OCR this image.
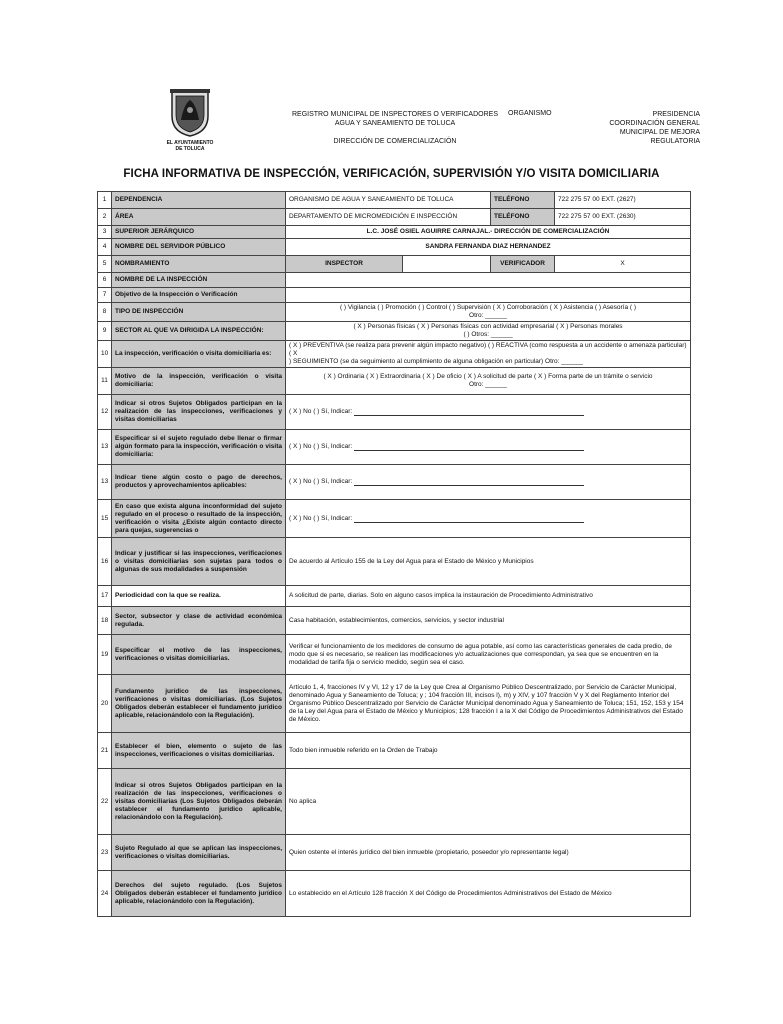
EL AYUNTAMIENTO
DE TOLUCA
REGISTRO MUNICIPAL DE INSPECTORES O VERIFICADORES
AGUA Y SANEAMIENTO DE TOLUCA
ORGANISMO
DIRECCIÓN DE COMERCIALIZACIÓN
PRESIDENCIA
COORDINACIÓN GENERAL
MUNICIPAL DE MEJORA
REGULATORIA
FICHA INFORMATIVA DE INSPECCIÓN, VERIFICACIÓN, SUPERVISIÓN Y/O VISITA DOMICILIARIA
1	DEPENDENCIA	ORGANISMO DE AGUA Y SANEAMIENTO DE TOLUCA		TELÉFONO	722 275 57 00 EXT. (2627)
2	ÁREA	DEPARTAMENTO DE MICROMEDICIÓN E INSPECCIÓN		TELÉFONO	722 275 57 00 EXT. (2630)
3	SUPERIOR JERÁRQUICO	L.C. JOSÉ OSIEL AGUIRRE CARNAJAL.- DIRECCIÓN DE COMERCIALIZACIÓN			
4	NOMBRE DEL SERVIDOR PÚBLICO	SANDRA FERNANDA DIAZ HERNANDEZ			
5	NOMBRAMIENTO	INSPECTOR		VERIFICADOR	X
6	NOMBRE DE LA INSPECCIÓN				
7	Objetivo de la Inspección o Verificación				
8	TIPO DE INSPECCIÓN	( ) Vigilancia ( ) Promoción ( ) Control ( ) Supervisión ( X ) Corroboración ( X ) Asistencia ( ) Asesoría ( )
Otro: ______			

9	SECTOR AL QUE VA DIRIGIDA LA INSPECCIÓN:	( X ) Personas físicas ( X ) Personas físicas con actividad empresarial ( X ) Personas morales
( ) Otros: ______			

10	La inspección, verificación o visita domiciliaria es:	( X ) PREVENTIVA (se realiza para prevenir algún impacto negativo) ( ) REACTIVA (como respuesta a un accidente o amenaza particular) ( X
) SEGUIMIENTO (se da seguimiento al cumplimiento de alguna obligación en particular) Otro: ______			

11	Motivo de la inspección, verificación o visita domiciliaria:	( X ) Ordinaria ( X ) Extraordinaria ( X ) De oficio ( X ) A solicitud de parte ( X ) Forma parte de un trámite o servicio
Otro: ______			

12	Indicar si otros Sujetos Obligados participan en la realización de las inspecciones, verificaciones y visitas domiciliarias	( X ) No ( ) Sí, Indicar:			
13	Especificar si el sujeto regulado debe llenar o firmar algún formato para la inspección, verificación o visita domiciliaria:	( X ) No ( ) Sí, Indicar:			
13	Indicar tiene algún costo o pago de derechos, productos y aprovechamientos aplicables:	( X ) No ( ) Sí, Indicar:			
15	En caso que exista alguna inconformidad del sujeto regulado en el proceso o resultado de la inspección, verificación o visita ¿Existe algún contacto directo para quejas, sugerencias o	( X ) No ( ) Sí, Indicar:			
16	Indicar y justificar si las inspecciones, verificaciones o visitas domiciliarias son sujetas para todos o algunas de sus modalidades a suspensión	De acuerdo al Artículo 155 de la Ley del Agua para el Estado de México y Municipios			
17	Periodicidad con la que se realiza.	A solicitud de parte, diarias. Solo en alguno casos implica la instauración de Procedimiento Administrativo			
18	Sector, subsector y clase de actividad económica regulada.	Casa habitación, establecimientos, comercios, servicios, y sector industrial			
19	Especificar el motivo de las inspecciones, verificaciones o visitas domiciliarias.	Verificar el funcionamiento de los medidores de consumo de agua potable, así como las características generales de cada predio, de modo que si es necesario, se realicen las modificaciones y/o actualizaciones que correspondan, ya sea que se encuentren en la modalidad de tarifa fija o servicio medido, según sea el caso.			
20	Fundamento jurídico de las inspecciones, verificaciones o visitas domiciliarias. (Los Sujetos Obligados deberán establecer el fundamento jurídico aplicable, relacionándolo con la Regulación).	Artículo 1, 4, fracciones IV y VI, 12 y 17 de la Ley que Crea al Organismo Público Descentralizado, por Servicio de Carácter Municipal, denominado Agua y Saneamiento de Toluca; y ; 104 fracción III, incisos l), m) y XIV, y 107 fracción V y X del Reglamento Interior del Organismo Público Descentralizado por Servicio de Carácter Municipal denominado Agua y Saneamiento de Toluca; 151, 152, 153 y 154 de la Ley del Agua para el Estado de México y Municipios; 128 fracción I a la X del Código de Procedimientos Administrativos del Estado de México.			
21	Establecer el bien, elemento o sujeto de las inspecciones, verificaciones o visitas domiciliarias.	Todo bien inmueble referido en la Orden de Trabajo			
22	Indicar si otros Sujetos Obligados participan en la realización de las inspecciones, verificaciones o visitas domiciliarias (Los Sujetos Obligados deberán establecer el fundamento jurídico aplicable, relacionándolo con la Regulación).	No aplica			
23	Sujeto Regulado al que se aplican las inspecciones, verificaciones o visitas domiciliarias.	Quien ostente el interés jurídico del bien inmueble (propietario, poseedor y/o representante legal)			
24	Derechos del sujeto regulado. (Los Sujetos Obligados deberán establecer el fundamento jurídico aplicable, relacionándolo con la Regulación).	Lo establecido en el Artículo 128 fracción X del Código de Procedimientos Administrativos del Estado de México			
